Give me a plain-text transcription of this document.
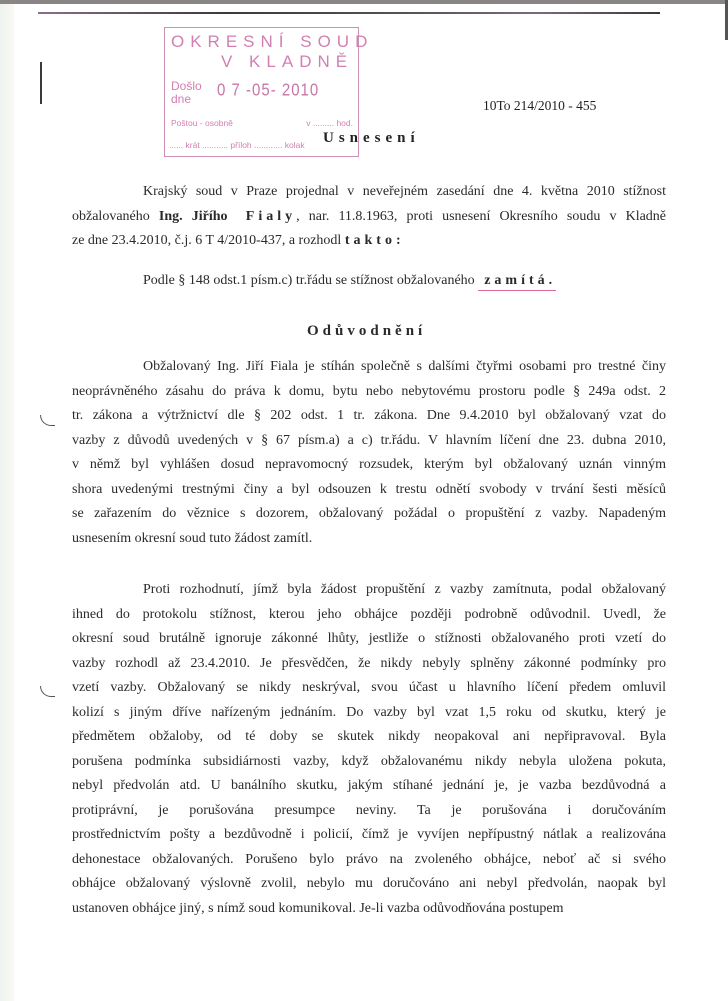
OKRESNÍ SOUD
V KLADNĚ
Došlo dne	0 7 -05- 2010
Poštou - osobně	v ......... hod.
...... krát ........... příloh ............ kolak
10To 214/2010 - 455
Usnesení
Krajský soud v Praze projednal v neveřejném zasedání dne 4. května 2010 stížnost
obžalovaného Ing. Jiřího Fialy, nar. 11.8.1963, proti usnesení Okresního soudu v Kladně
ze dne 23.4.2010, č.j. 6 T 4/2010-437, a rozhodl takto:
Podle § 148 odst.1 písm.c) tr.řádu se stížnost obžalovaného zamítá.
Odůvodnění
Obžalovaný Ing. Jiří Fiala je stíhán společně s dalšími čtyřmi osobami pro trestné činy
neoprávněného zásahu do práva k domu, bytu nebo nebytovému prostoru podle § 249a odst. 2
tr. zákona a výtržnictví dle § 202 odst. 1 tr. zákona. Dne 9.4.2010 byl obžalovaný vzat do
vazby z důvodů uvedených v § 67 písm.a) a c) tr.řádu. V hlavním líčení dne 23. dubna 2010,
v němž byl vyhlášen dosud nepravomocný rozsudek, kterým byl obžalovaný uznán vinným
shora uvedenými trestnými činy a byl odsouzen k trestu odnětí svobody v trvání šesti měsíců
se zařazením do věznice s dozorem, obžalovaný požádal o propuštění z vazby. Napadeným
usnesením okresní soud tuto žádost zamítl.
Proti rozhodnutí, jímž byla žádost propuštění z vazby zamítnuta, podal obžalovaný
ihned do protokolu stížnost, kterou jeho obhájce později podrobně odůvodnil. Uvedl, že
okresní soud brutálně ignoruje zákonné lhůty, jestliže o stížnosti obžalovaného proti vzetí do
vazby rozhodl až 23.4.2010. Je přesvědčen, že nikdy nebyly splněny zákonné podmínky pro
vzetí vazby. Obžalovaný se nikdy neskrýval, svou účast u hlavního líčení předem omluvil
kolizí s jiným dříve nařízeným jednáním. Do vazby byl vzat 1,5 roku od skutku, který je
předmětem obžaloby, od té doby se skutek nikdy neopakoval ani nepřipravoval. Byla
porušena podmínka subsidiárnosti vazby, když obžalovanému nikdy nebyla uložena pokuta,
nebyl předvolán atd. U banálního skutku, jakým stíhané jednání je, je vazba bezdůvodná a
protiprávní, je porušována presumpce neviny. Ta je porušována i doručováním
prostřednictvím pošty a bezdůvodně i policií, čímž je vyvíjen nepřípustný nátlak a realizována
dehonestace obžalovaných. Porušeno bylo právo na zvoleného obhájce, neboť ač si svého
obhájce obžalovaný výslovně zvolil, nebylo mu doručováno ani nebyl předvolán, naopak byl
ustanoven obhájce jiný, s nímž soud komunikoval. Je-li vazba odůvodňována postupem
